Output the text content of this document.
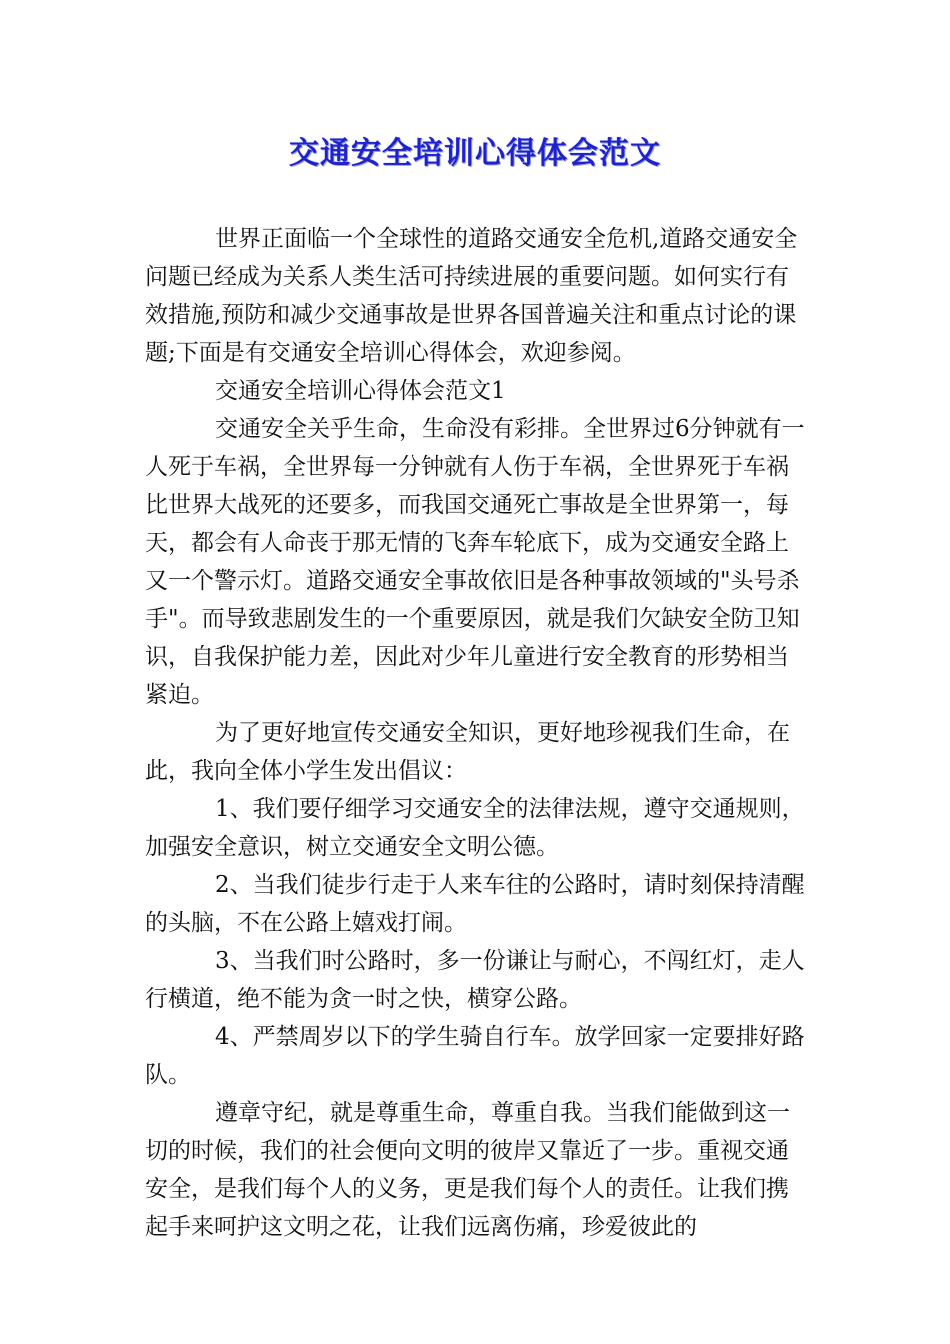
交通安全培训心得体会范文

世界正面临一个全球性的道路交通安全危机,道路交通安全问题已经成为关系人类生活可持续进展的重要问题。如何实行有效措施,预防和减少交通事故是世界各国普遍关注和重点讨论的课题;下面是有交通安全培训心得体会，欢迎参阅。

交通安全培训心得体会范文1

交通安全关乎生命，生命没有彩排。全世界过6分钟就有一人死于车祸，全世界每一分钟就有人伤于车祸，全世界死于车祸比世界大战死的还要多，而我国交通死亡事故是全世界第一，每天，都会有人命丧于那无情的飞奔车轮底下，成为交通安全路上又一个警示灯。道路交通安全事故依旧是各种事故领域的"头号杀手"。而导致悲剧发生的一个重要原因，就是我们欠缺安全防卫知识，自我保护能力差，因此对少年儿童进行安全教育的形势相当紧迫。

为了更好地宣传交通安全知识，更好地珍视我们生命，在此，我向全体小学生发出倡议：

1、我们要仔细学习交通安全的法律法规，遵守交通规则，加强安全意识，树立交通安全文明公德。

2、当我们徒步行走于人来车往的公路时，请时刻保持清醒的头脑，不在公路上嬉戏打闹。

3、当我们时公路时，多一份谦让与耐心，不闯红灯，走人行横道，绝不能为贪一时之快，横穿公路。

4、严禁周岁以下的学生骑自行车。放学回家一定要排好路队。

遵章守纪，就是尊重生命，尊重自我。当我们能做到这一切的时候，我们的社会便向文明的彼岸又靠近了一步。重视交通安全，是我们每个人的义务，更是我们每个人的责任。让我们携起手来呵护这文明之花，让我们远离伤痛，珍爱彼此的
